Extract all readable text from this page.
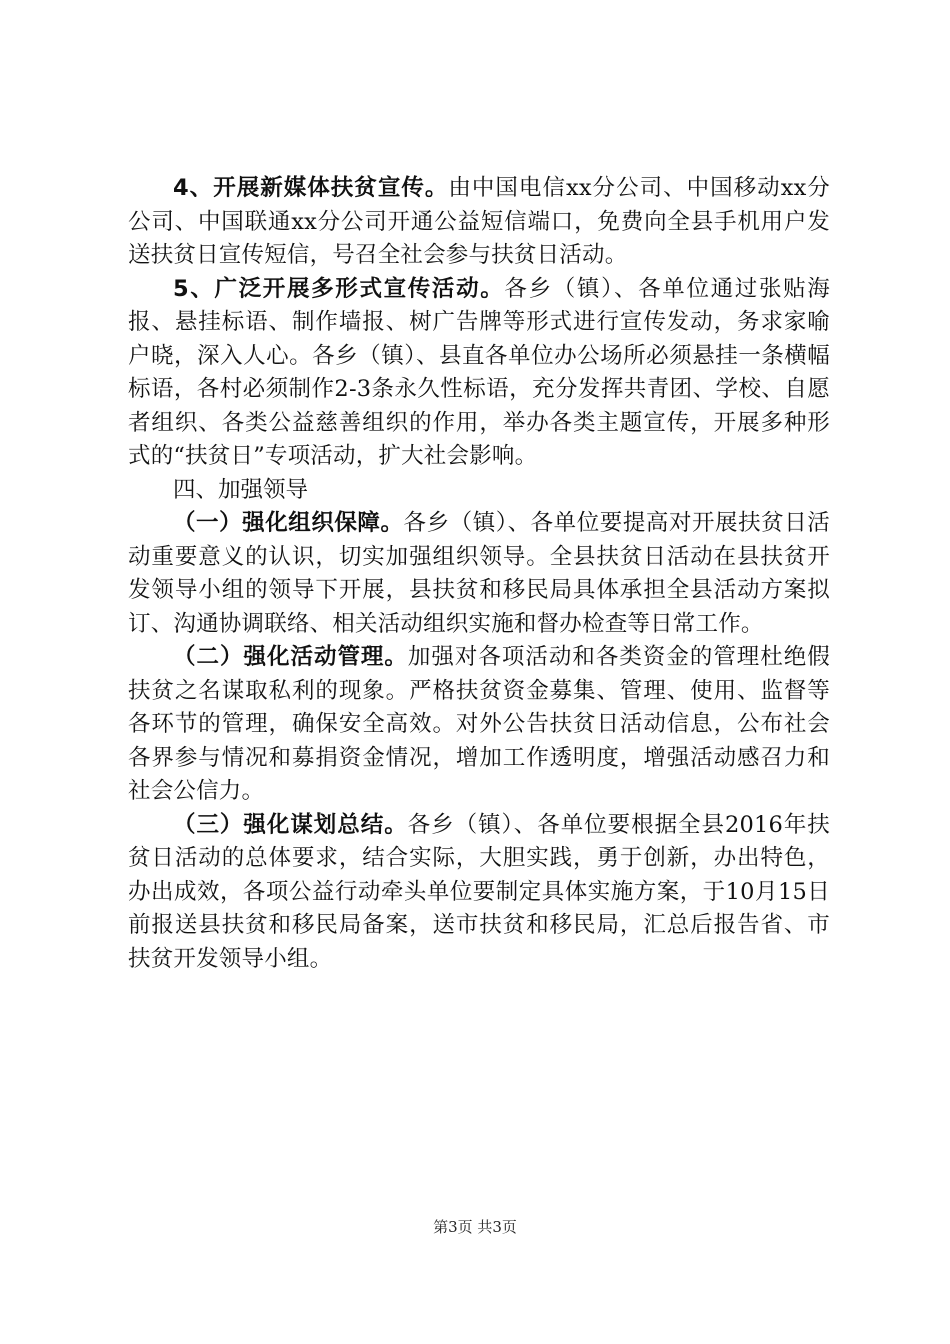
4、开展新媒体扶贫宣传。由中国电信xx分公司、中国移动xx分公司、中国联通xx分公司开通公益短信端口，免费向全县手机用户发送扶贫日宣传短信，号召全社会参与扶贫日活动。

5、广泛开展多形式宣传活动。各乡（镇）、各单位通过张贴海报、悬挂标语、制作墙报、树广告牌等形式进行宣传发动，务求家喻户晓，深入人心。各乡（镇）、县直各单位办公场所必须悬挂一条横幅标语，各村必须制作2-3条永久性标语，充分发挥共青团、学校、自愿者组织、各类公益慈善组织的作用，举办各类主题宣传，开展多种形式的“扶贫日”专项活动，扩大社会影响。

四、加强领导

（一）强化组织保障。各乡（镇）、各单位要提高对开展扶贫日活动重要意义的认识，切实加强组织领导。全县扶贫日活动在县扶贫开发领导小组的领导下开展，县扶贫和移民局具体承担全县活动方案拟订、沟通协调联络、相关活动组织实施和督办检查等日常工作。

（二）强化活动管理。加强对各项活动和各类资金的管理杜绝假扶贫之名谋取私利的现象。严格扶贫资金募集、管理、使用、监督等各环节的管理，确保安全高效。对外公告扶贫日活动信息，公布社会各界参与情况和募捐资金情况，增加工作透明度，增强活动感召力和社会公信力。

（三）强化谋划总结。各乡（镇）、各单位要根据全县2016年扶贫日活动的总体要求，结合实际，大胆实践，勇于创新，办出特色，办出成效，各项公益行动牵头单位要制定具体实施方案，于10月15日前报送县扶贫和移民局备案，送市扶贫和移民局，汇总后报告省、市扶贫开发领导小组。

第3页 共3页
